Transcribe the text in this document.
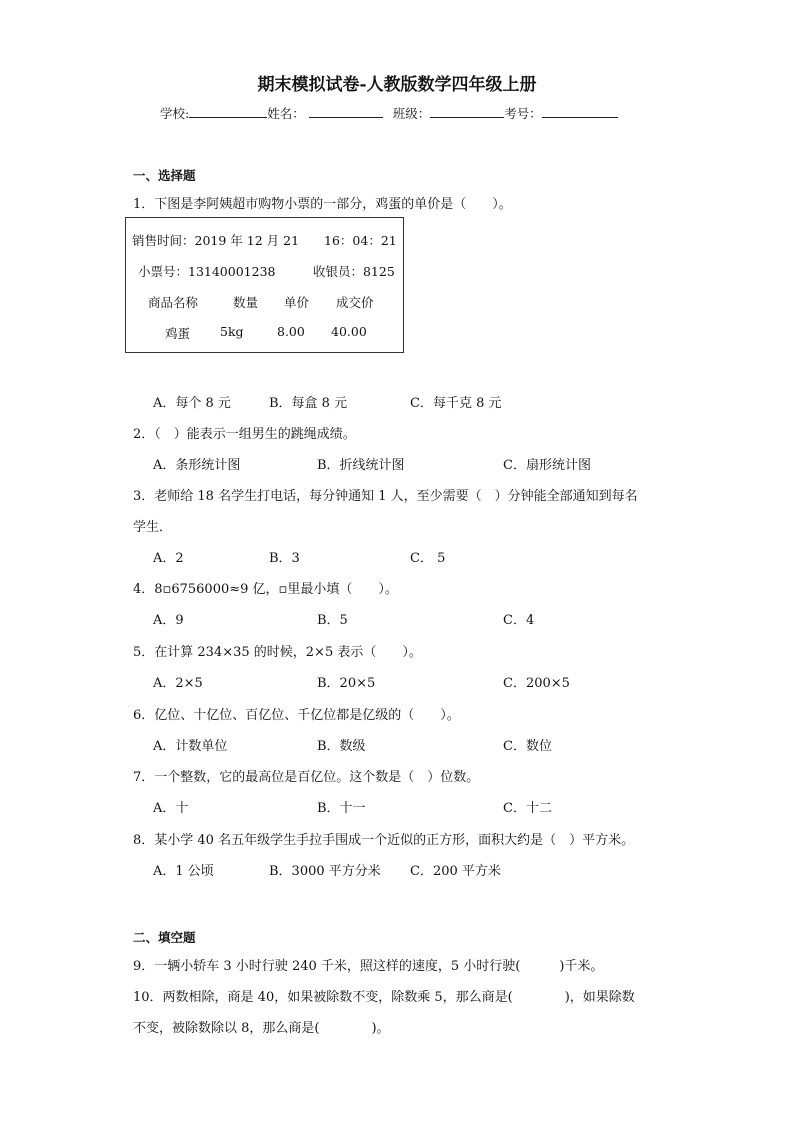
期末模拟试卷-人教版数学四年级上册
学校:	姓名：	班级：	考号：
一、选择题
1．下图是李阿姨超市购物小票的一部分，鸡蛋的单价是（　　）。
销售时间：2019 年 12 月 21　　16：04：21
小票号：13140001238　　　收银员：8125
商品名称	数量 单价 成交价
鸡蛋 5kg	8.00 40.00
A．每个 8 元	B．每盒 8 元	C．每千克 8 元
2．（　）能表示一组男生的跳绳成绩。
A．条形统计图	B．折线统计图	C．扇形统计图
3．老师给 18 名学生打电话，每分钟通知 1 人，至少需要（　）分钟能全部通知到每名
学生．
A．2	B．3	C． 5
4．8▫6756000≈9 亿，▫里最小填（　　）。
A．9	B．5	C．4
5．在计算 234×35 的时候，2×5 表示（　　）。
A．2×5	B．20×5	C．200×5
6．亿位、十亿位、百亿位、千亿位都是亿级的（　　）。
A．计数单位	B．数级	C．数位
7．一个整数，它的最高位是百亿位。这个数是（　）位数。
A．十	B．十一	C．十二
8．某小学 40 名五年级学生手拉手围成一个近似的正方形，面积大约是（　）平方米。
A．1 公顷	B．3000 平方分米 C．200 平方米
二、填空题
9．一辆小轿车 3 小时行驶 240 千米，照这样的速度，5 小时行驶(　　　)千米。
10．两数相除，商是 40，如果被除数不变，除数乘 5，那么商是(　　　　)，如果除数
不变，被除数除以 8，那么商是(　　　　)。
